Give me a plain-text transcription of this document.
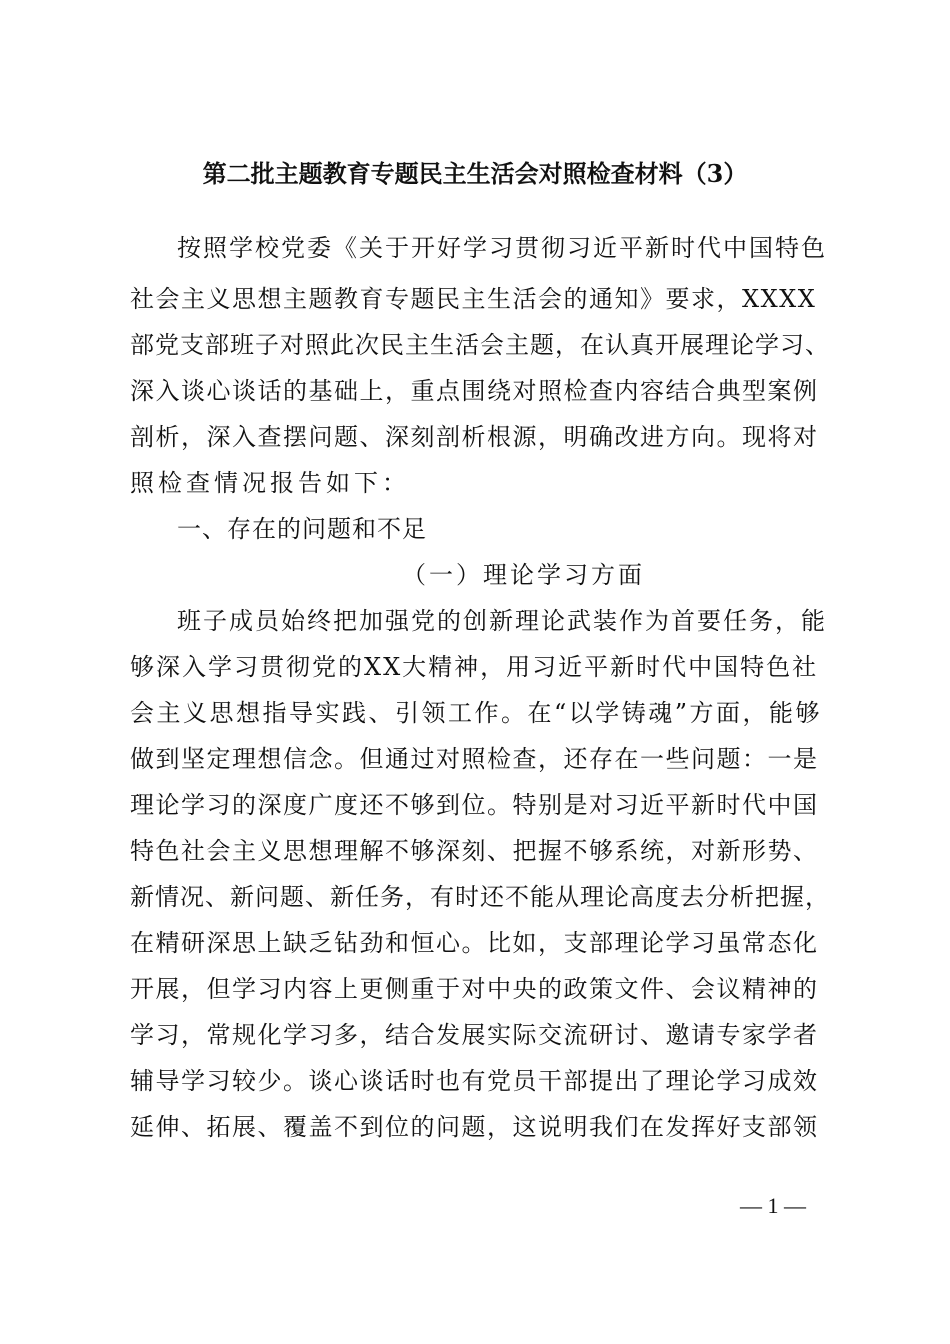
第二批主题教育专题民主生活会对照检查材料（3）
按照学校党委《关于开好学习贯彻习近平新时代中国特色
社会主义思想主题教育专题民主生活会的通知》要求，XXXX
部党支部班子对照此次民主生活会主题，在认真开展理论学习、
深入谈心谈话的基础上，重点围绕对照检查内容结合典型案例
剖析，深入查摆问题、深刻剖析根源，明确改进方向。现将对
照检查情况报告如下：
一、存在的问题和不足
（一）理论学习方面
班子成员始终把加强党的创新理论武装作为首要任务，能
够深入学习贯彻党的XX大精神，用习近平新时代中国特色社
会主义思想指导实践、引领工作。在“以学铸魂”方面，能够
做到坚定理想信念。但通过对照检查，还存在一些问题：一是
理论学习的深度广度还不够到位。特别是对习近平新时代中国
特色社会主义思想理解不够深刻、把握不够系统，对新形势、
新情况、新问题、新任务，有时还不能从理论高度去分析把握，
在精研深思上缺乏钻劲和恒心。比如，支部理论学习虽常态化
开展，但学习内容上更侧重于对中央的政策文件、会议精神的
学习，常规化学习多，结合发展实际交流研讨、邀请专家学者
辅导学习较少。谈心谈话时也有党员干部提出了理论学习成效
延伸、拓展、覆盖不到位的问题，这说明我们在发挥好支部领
— 1 —
